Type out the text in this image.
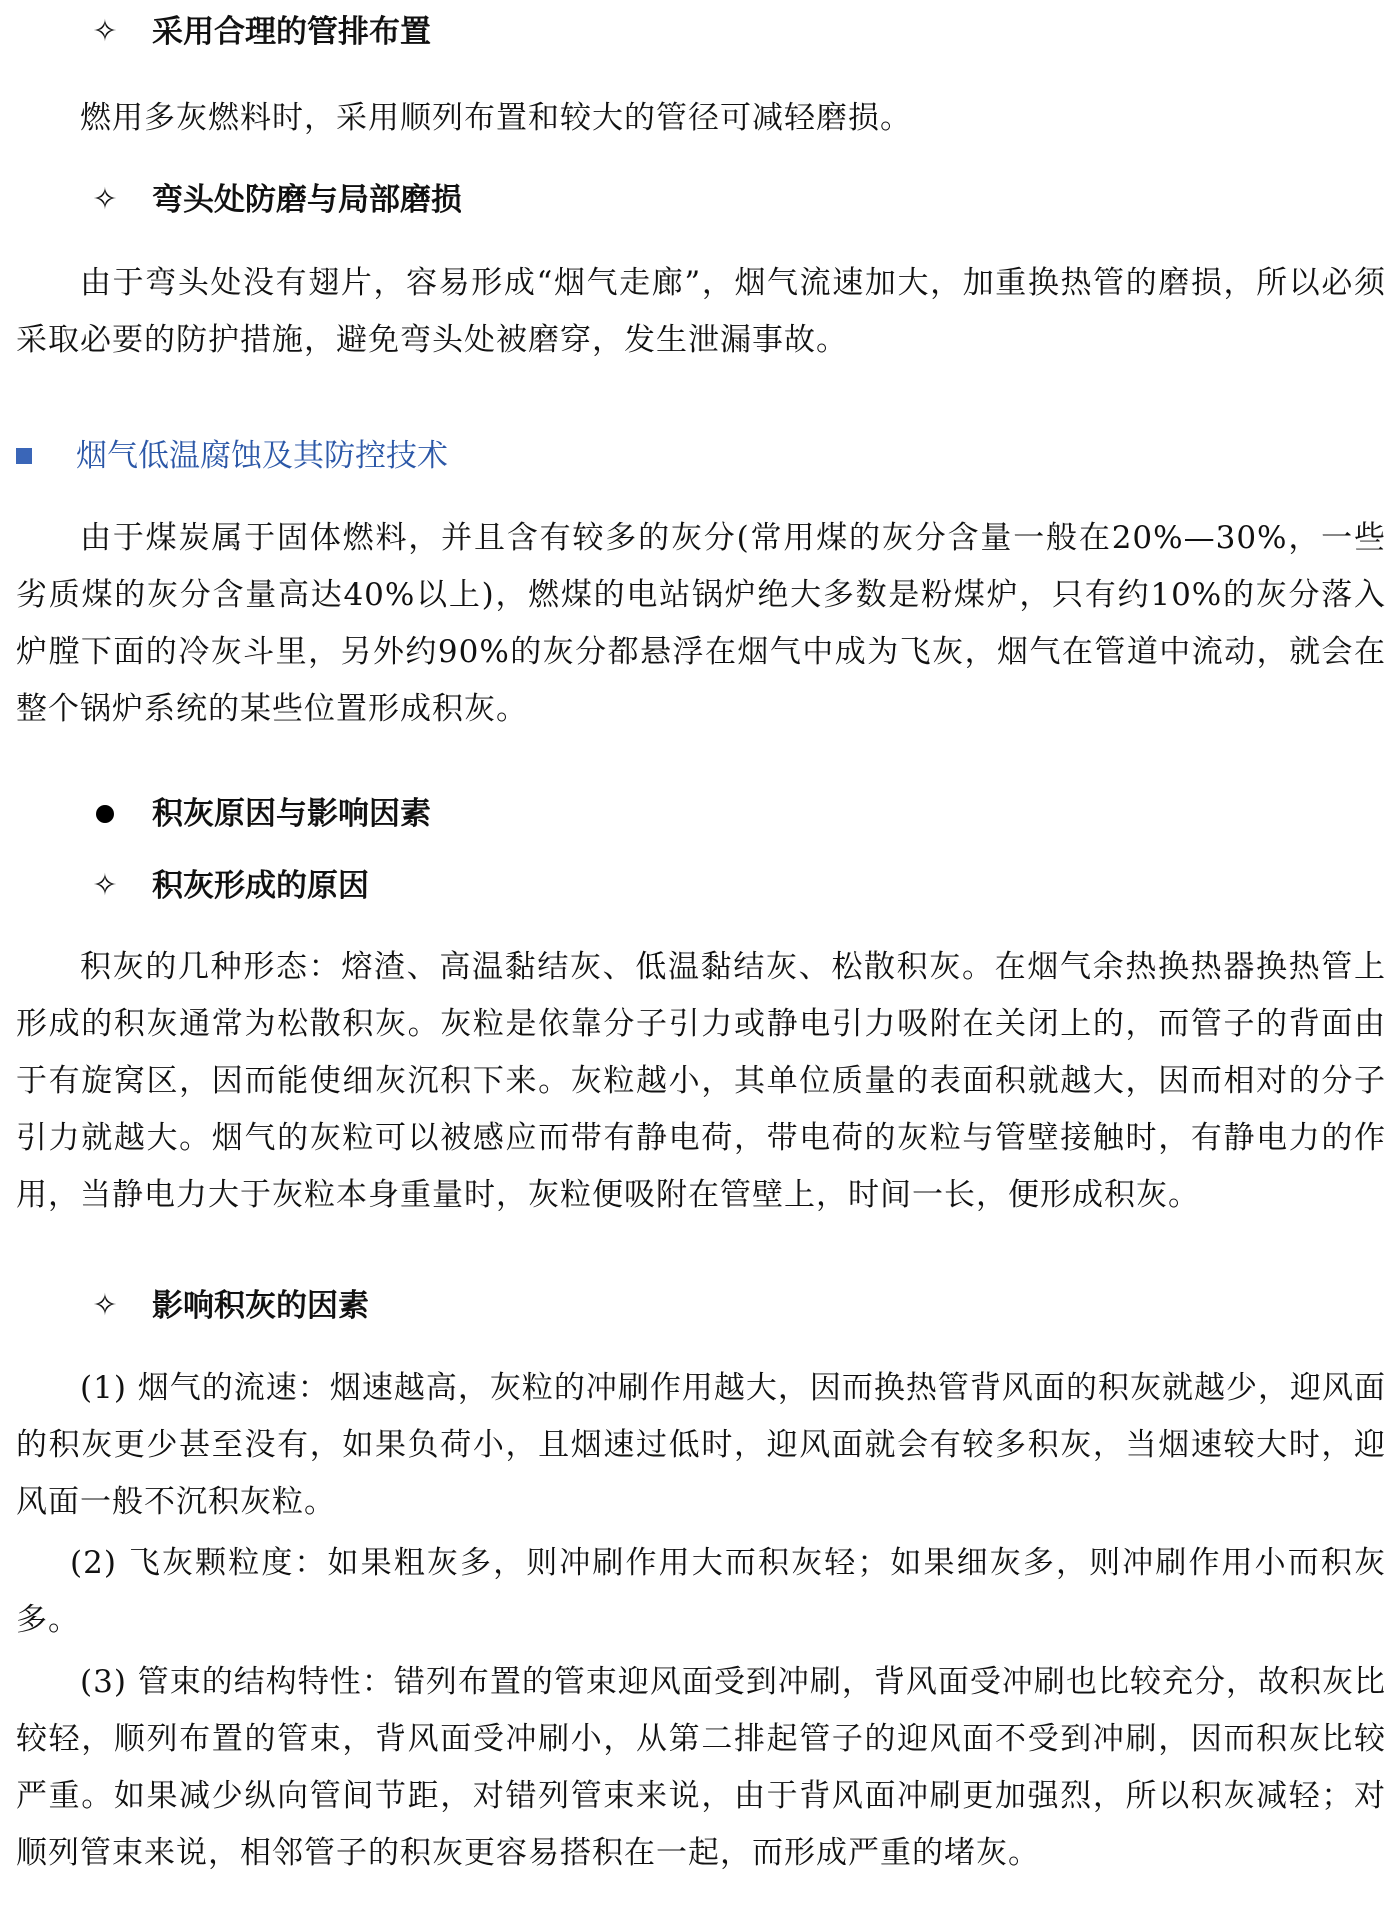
✧ 采用合理的管排布置

燃用多灰燃料时，采用顺列布置和较大的管径可减轻磨损。

✧ 弯头处防磨与局部磨损

由于弯头处没有翅片，容易形成“烟气走廊”，烟气流速加大，加重换热管的磨损，所以必须采取必要的防护措施，避免弯头处被磨穿，发生泄漏事故。

烟气低温腐蚀及其防控技术

由于煤炭属于固体燃料，并且含有较多的灰分(常用煤的灰分含量一般在20%—30%，一些劣质煤的灰分含量高达40%以上)，燃煤的电站锅炉绝大多数是粉煤炉，只有约10%的灰分落入炉膛下面的冷灰斗里，另外约90%的灰分都悬浮在烟气中成为飞灰，烟气在管道中流动，就会在整个锅炉系统的某些位置形成积灰。

积灰原因与影响因素
✧ 积灰形成的原因

积灰的几种形态：熔渣、高温黏结灰、低温黏结灰、松散积灰。在烟气余热换热器换热管上形成的积灰通常为松散积灰。灰粒是依靠分子引力或静电引力吸附在关闭上的，而管子的背面由于有旋窝区，因而能使细灰沉积下来。灰粒越小，其单位质量的表面积就越大，因而相对的分子引力就越大。烟气的灰粒可以被感应而带有静电荷，带电荷的灰粒与管壁接触时，有静电力的作用，当静电力大于灰粒本身重量时，灰粒便吸附在管壁上，时间一长，便形成积灰。

✧ 影响积灰的因素

(1) 烟气的流速：烟速越高，灰粒的冲刷作用越大，因而换热管背风面的积灰就越少，迎风面的积灰更少甚至没有，如果负荷小，且烟速过低时，迎风面就会有较多积灰，当烟速较大时，迎风面一般不沉积灰粒。

(2) 飞灰颗粒度：如果粗灰多，则冲刷作用大而积灰轻；如果细灰多，则冲刷作用小而积灰多。

(3) 管束的结构特性：错列布置的管束迎风面受到冲刷，背风面受冲刷也比较充分，故积灰比较轻，顺列布置的管束，背风面受冲刷小，从第二排起管子的迎风面不受到冲刷，因而积灰比较严重。如果减少纵向管间节距，对错列管束来说，由于背风面冲刷更加强烈，所以积灰减轻；对顺列管束来说，相邻管子的积灰更容易搭积在一起，而形成严重的堵灰。
